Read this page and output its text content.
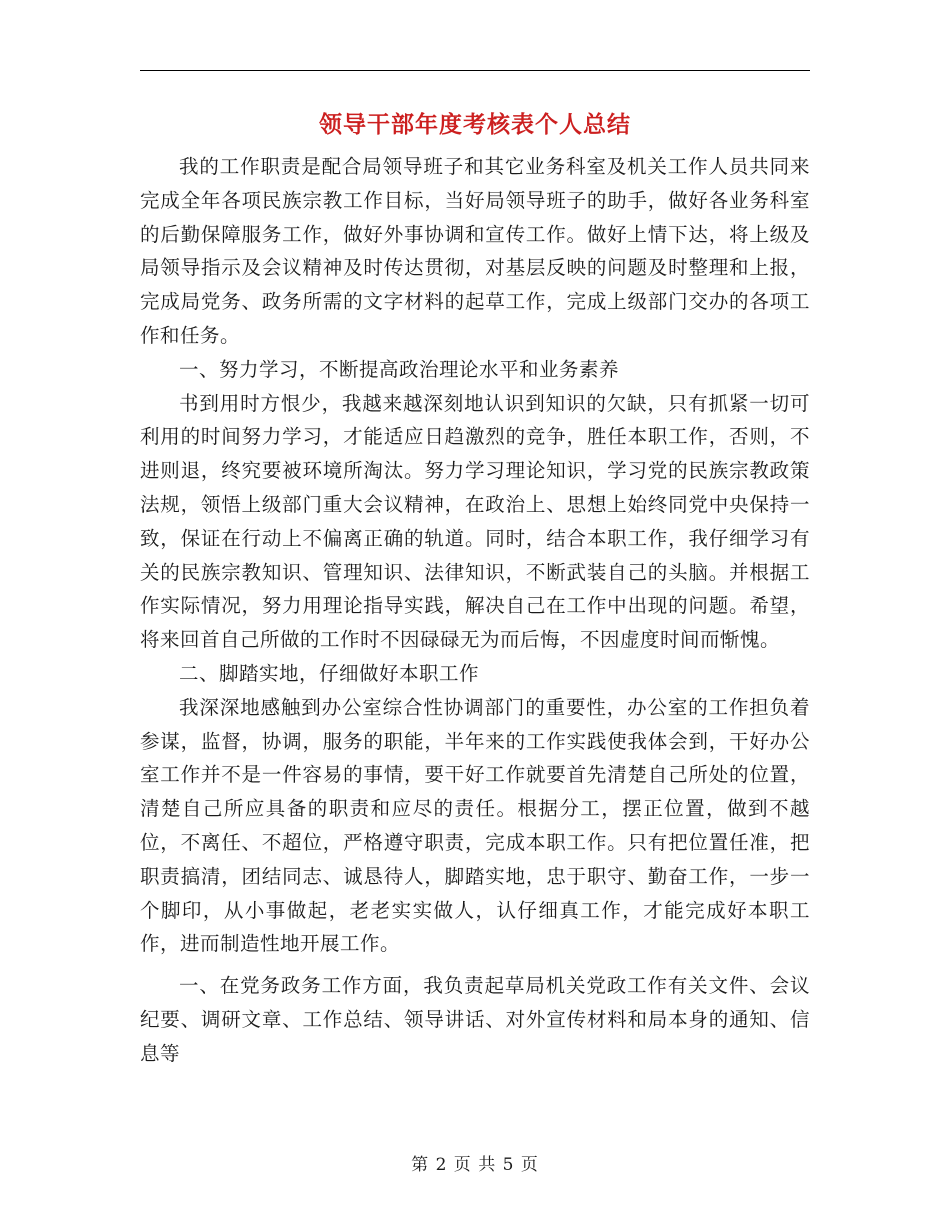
领导干部年度考核表个人总结

我的工作职责是配合局领导班子和其它业务科室及机关工作人员共同来完成全年各项民族宗教工作目标，当好局领导班子的助手，做好各业务科室的后勤保障服务工作，做好外事协调和宣传工作。做好上情下达，将上级及局领导指示及会议精神及时传达贯彻，对基层反映的问题及时整理和上报，完成局党务、政务所需的文字材料的起草工作，完成上级部门交办的各项工作和任务。

一、努力学习，不断提高政治理论水平和业务素养

书到用时方恨少，我越来越深刻地认识到知识的欠缺，只有抓紧一切可利用的时间努力学习，才能适应日趋激烈的竞争，胜任本职工作，否则，不进则退，终究要被环境所淘汰。努力学习理论知识，学习党的民族宗教政策法规，领悟上级部门重大会议精神，在政治上、思想上始终同党中央保持一致，保证在行动上不偏离正确的轨道。同时，结合本职工作，我仔细学习有关的民族宗教知识、管理知识、法律知识，不断武装自己的头脑。并根据工作实际情况，努力用理论指导实践，解决自己在工作中出现的问题。希望，将来回首自己所做的工作时不因碌碌无为而后悔，不因虚度时间而惭愧。

二、脚踏实地，仔细做好本职工作

我深深地感触到办公室综合性协调部门的重要性，办公室的工作担负着参谋，监督，协调，服务的职能，半年来的工作实践使我体会到，干好办公室工作并不是一件容易的事情，要干好工作就要首先清楚自己所处的位置，清楚自己所应具备的职责和应尽的责任。根据分工，摆正位置，做到不越位，不离任、不超位，严格遵守职责，完成本职工作。只有把位置任准，把职责搞清，团结同志、诚恳待人，脚踏实地，忠于职守、勤奋工作，一步一个脚印，从小事做起，老老实实做人，认仔细真工作，才能完成好本职工作，进而制造性地开展工作。

一、在党务政务工作方面，我负责起草局机关党政工作有关文件、会议纪要、调研文章、工作总结、领导讲话、对外宣传材料和局本身的通知、信息等

第 2 页 共 5 页
